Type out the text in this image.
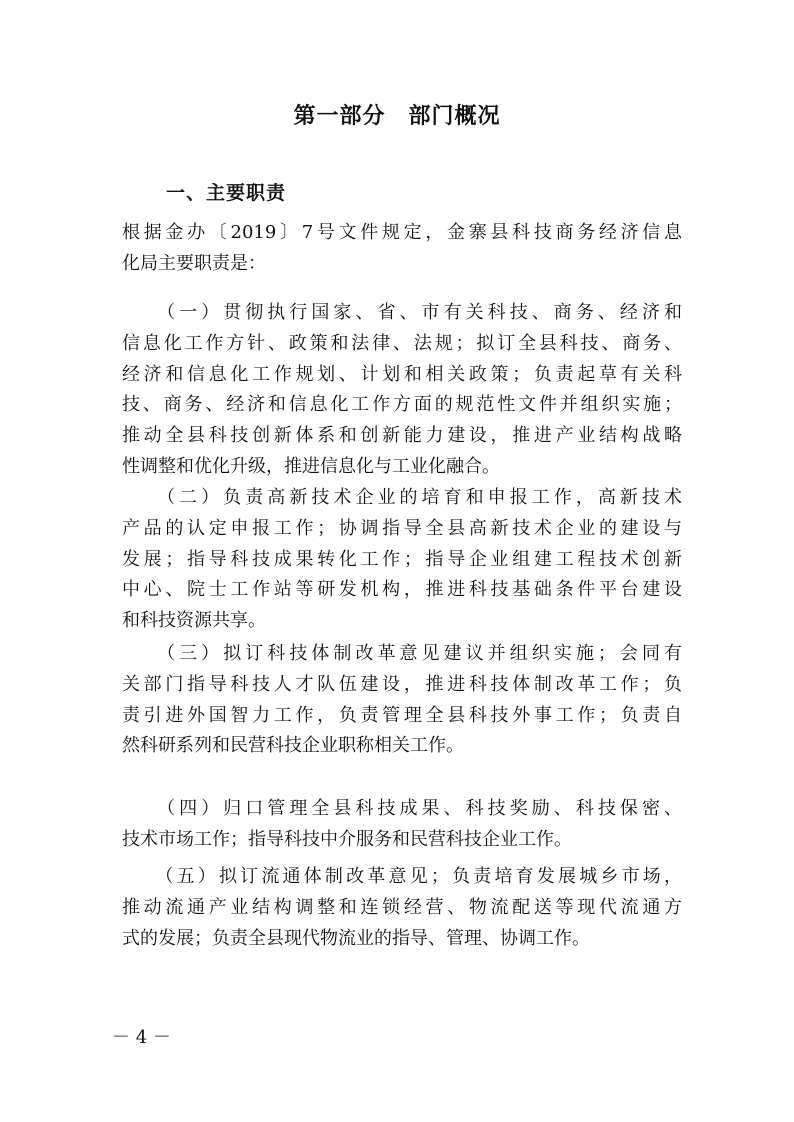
第一部分　部门概况
一、主要职责
根据金办〔2019〕7号文件规定，金寨县科技商务经济信息
化局主要职责是：
　　（一）贯彻执行国家、省、市有关科技、商务、经济和
信息化工作方针、政策和法律、法规；拟订全县科技、商务、
经济和信息化工作规划、计划和相关政策；负责起草有关科
技、商务、经济和信息化工作方面的规范性文件并组织实施；
推动全县科技创新体系和创新能力建设，推进产业结构战略
性调整和优化升级，推进信息化与工业化融合。
　　（二）负责高新技术企业的培育和申报工作，高新技术
产品的认定申报工作；协调指导全县高新技术企业的建设与
发展；指导科技成果转化工作；指导企业组建工程技术创新
中心、院士工作站等研发机构，推进科技基础条件平台建设
和科技资源共享。
　　（三）拟订科技体制改革意见建议并组织实施；会同有
关部门指导科技人才队伍建设，推进科技体制改革工作；负
责引进外国智力工作，负责管理全县科技外事工作；负责自
然科研系列和民营科技企业职称相关工作。
　　（四）归口管理全县科技成果、科技奖励、科技保密、
技术市场工作；指导科技中介服务和民营科技企业工作。
　　（五）拟订流通体制改革意见；负责培育发展城乡市场，
推动流通产业结构调整和连锁经营、物流配送等现代流通方
式的发展；负责全县现代物流业的指导、管理、协调工作。
－ 4 －
